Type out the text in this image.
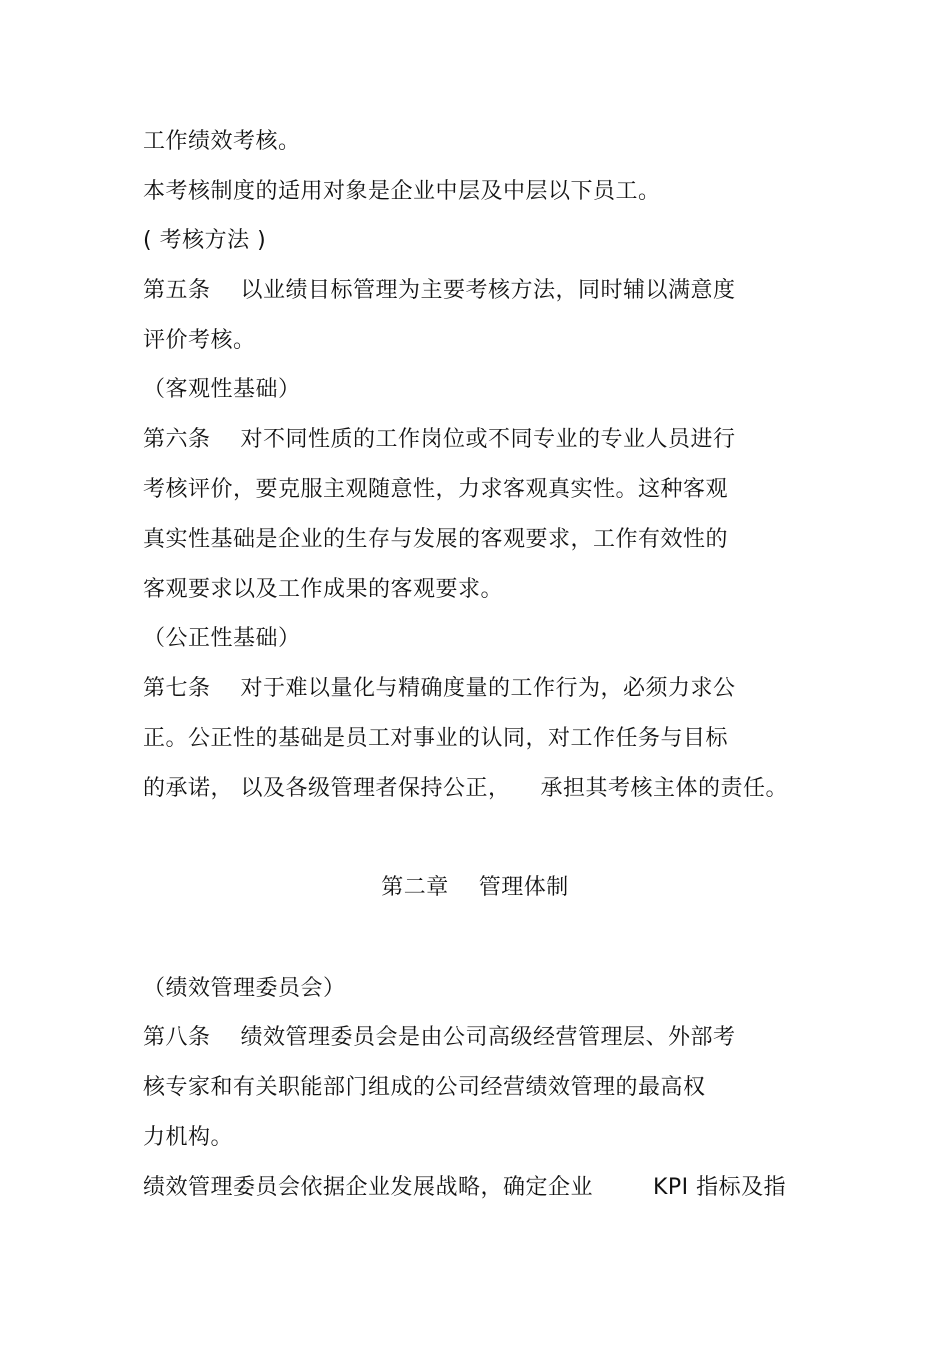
工作绩效考核。
本考核制度的适用对象是企业中层及中层以下员工。
( 考核方法 )
第五条    以业绩目标管理为主要考核方法，同时辅以满意度
评价考核。
（客观性基础）
第六条    对不同性质的工作岗位或不同专业的专业人员进行
考核评价，要克服主观随意性，力求客观真实性。这种客观
真实性基础是企业的生存与发展的客观要求，工作有效性的
客观要求以及工作成果的客观要求。
（公正性基础）
第七条    对于难以量化与精确度量的工作行为，必须力求公
正。公正性的基础是员工对事业的认同，对工作任务与目标
的承诺， 以及各级管理者保持公正，    承担其考核主体的责任。
第二章    管理体制
（绩效管理委员会）
第八条    绩效管理委员会是由公司高级经营管理层、外部考
核专家和有关职能部门组成的公司经营绩效管理的最高权
力机构。
绩效管理委员会依据企业发展战略，确定企业        KPI 指标及指
